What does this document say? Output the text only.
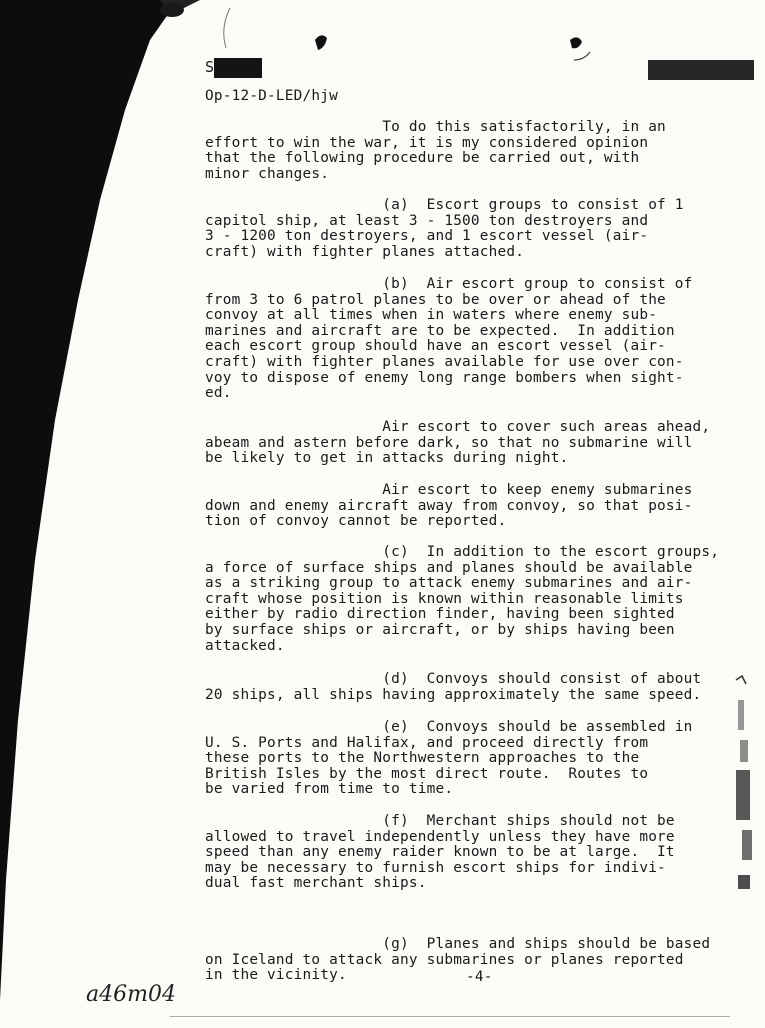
S
Op-12-D-LED/hjw
To do this satisfactorily, in an
effort to win the war, it is my considered opinion
that the following procedure be carried out, with
minor changes.
(a)  Escort groups to consist of 1
capitol ship, at least 3 - 1500 ton destroyers and
3 - 1200 ton destroyers, and 1 escort vessel (air-
craft) with fighter planes attached.
(b)  Air escort group to consist of
from 3 to 6 patrol planes to be over or ahead of the
convoy at all times when in waters where enemy sub-
marines and aircraft are to be expected.  In addition
each escort group should have an escort vessel (air-
craft) with fighter planes available for use over con-
voy to dispose of enemy long range bombers when sight-
ed.
Air escort to cover such areas ahead,
abeam and astern before dark, so that no submarine will
be likely to get in attacks during night.
Air escort to keep enemy submarines
down and enemy aircraft away from convoy, so that posi-
tion of convoy cannot be reported.
(c)  In addition to the escort groups,
a force of surface ships and planes should be available
as a striking group to attack enemy submarines and air-
craft whose position is known within reasonable limits
either by radio direction finder, having been sighted
by surface ships or aircraft, or by ships having been
attacked.
(d)  Convoys should consist of about
20 ships, all ships having approximately the same speed.
(e)  Convoys should be assembled in
U. S. Ports and Halifax, and proceed directly from
these ports to the Northwestern approaches to the
British Isles by the most direct route.  Routes to
be varied from time to time.
(f)  Merchant ships should not be
allowed to travel independently unless they have more
speed than any enemy raider known to be at large.  It
may be necessary to furnish escort ships for indivi-
dual fast merchant ships.
(g)  Planes and ships should be based
on Iceland to attack any submarines or planes reported
in the vicinity.	-4-
a46m04
